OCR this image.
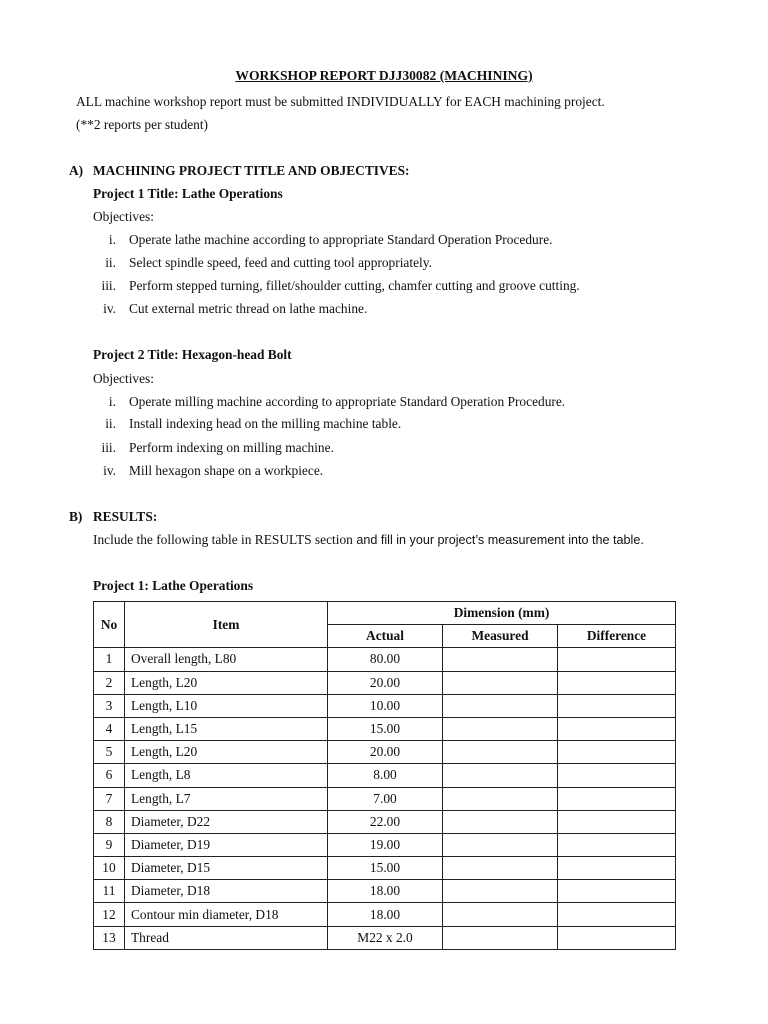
WORKSHOP REPORT DJJ30082 (MACHINING)
ALL machine workshop report must be submitted INDIVIDUALLY for EACH machining project.
(**2 reports per student)
A) MACHINING PROJECT TITLE AND OBJECTIVES:
Project 1 Title: Lathe Operations
Objectives:
i. Operate lathe machine according to appropriate Standard Operation Procedure.
ii. Select spindle speed, feed and cutting tool appropriately.
iii. Perform stepped turning, fillet/shoulder cutting, chamfer cutting and groove cutting.
iv. Cut external metric thread on lathe machine.
Project 2 Title: Hexagon-head Bolt
Objectives:
i. Operate milling machine according to appropriate Standard Operation Procedure.
ii. Install indexing head on the milling machine table.
iii. Perform indexing on milling machine.
iv. Mill hexagon shape on a workpiece.
B) RESULTS:
Include the following table in RESULTS section and fill in your project’s measurement into the table.
Project 1: Lathe Operations
No	Item	Dimension (mm)		
		Actual	Measured	Difference
1	Overall length, L80	80.00		
2	Length, L20	20.00		
3	Length, L10	10.00		
4	Length, L15	15.00		
5	Length, L20	20.00		
6	Length, L8	8.00		
7	Length, L7	7.00		
8	Diameter, D22	22.00		
9	Diameter, D19	19.00		
10	Diameter, D15	15.00		
11	Diameter, D18	18.00		
12	Contour min diameter, D18	18.00		
13	Thread	M22 x 2.0		
